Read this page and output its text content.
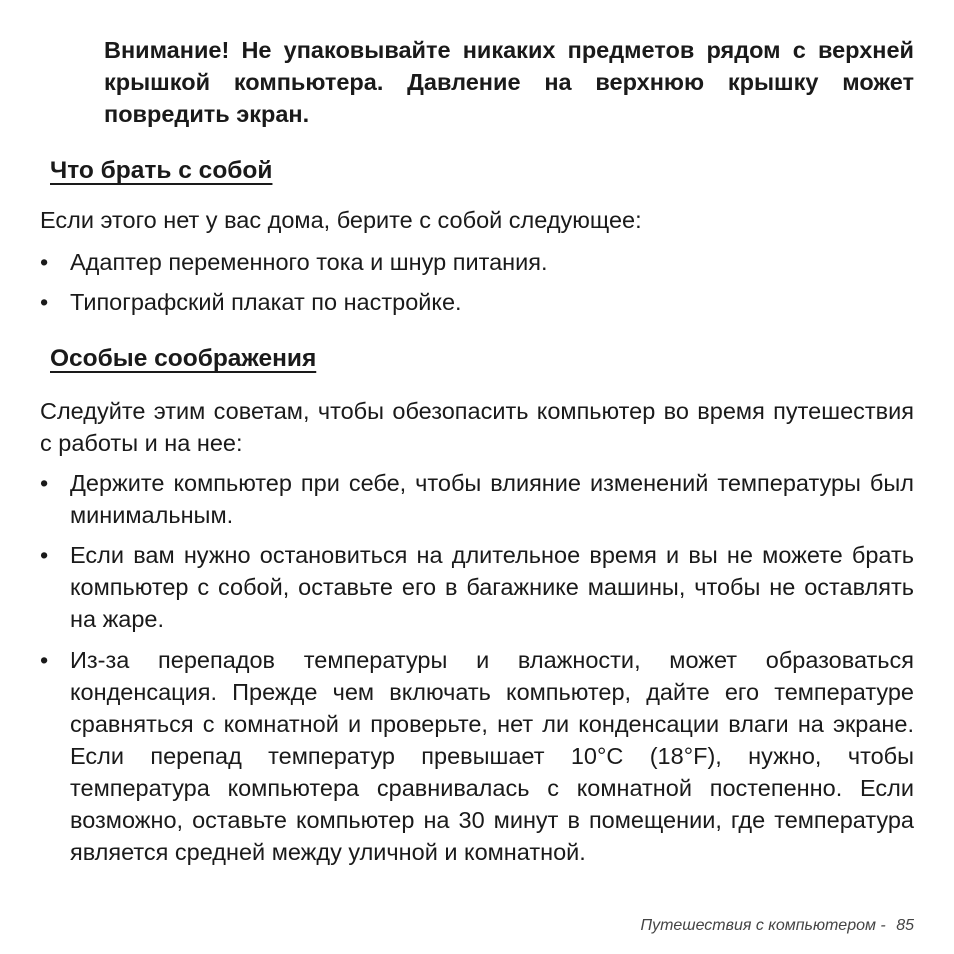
Внимание! Не упаковывайте никаких предметов рядом с верхней крышкой компьютера. Давление на верхнюю крышку может повредить экран.

Что брать с собой

Если этого нет у вас дома, берите с собой следующее:

• Адаптер переменного тока и шнур питания.
• Типографский плакат по настройке.
Особые соображения

Следуйте этим советам, чтобы обезопасить компьютер во время путешествия с работы и на нее:

• Держите компьютер при себе, чтобы влияние изменений температуры был минимальным.
• Если вам нужно остановиться на длительное время и вы не можете брать компьютер с собой, оставьте его в багажнике машины, чтобы не оставлять на жаре.
• Из-за перепадов температуры и влажности, может образоваться конденсация. Прежде чем включать компьютер, дайте его температуре сравняться с комнатной и проверьте, нет ли конденсации влаги на экране. Если перепад температур превышает 10°C (18°F), нужно, чтобы температура компьютера сравнивалась с комнатной постепенно. Если возможно, оставьте компьютер на 30 минут в помещении, где температура является средней между уличной и комнатной.
Путешествия с компьютером - 85
